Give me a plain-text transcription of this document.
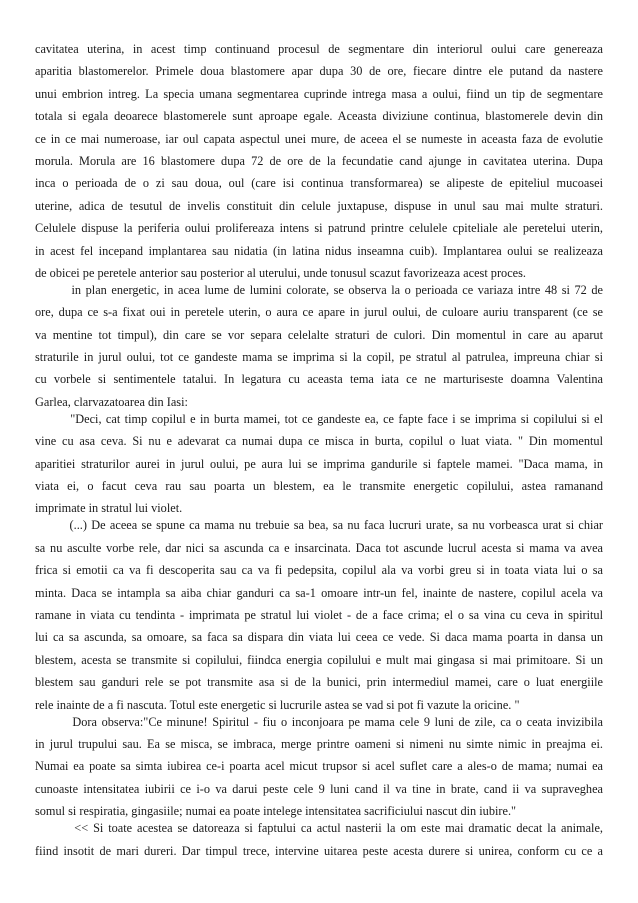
cavitatea uterina, in acest timp continuand procesul de segmentare din interiorul oului care genereaza
aparitia blastomerelor. Primele doua blastomere apar dupa 30 de ore, fiecare dintre ele putand da nastere
unui embrion intreg. La specia umana segmentarea cuprinde intrega masa a oului, fiind un tip de segmentare
totala si egala deoarece blastomerele sunt aproape egale. Aceasta diviziune continua, blastomerele devin din
ce in ce mai numeroase, iar oul capata aspectul unei mure, de aceea el se numeste in aceasta faza de evolutie
morula. Morula are 16 blastomere dupa 72 de ore de la fecundatie cand ajunge in cavitatea uterina. Dupa
inca o perioada de o zi sau doua, oul (care isi continua transformarea) se alipeste de epiteliul mucoasei
uterine, adica de tesutul de invelis constituit din celule juxtapuse, dispuse in unul sau mai multe straturi.
Celulele dispuse la periferia oului prolifereaza intens si patrund printre celulele cpiteliale ale peretelui uterin,
in acest fel incepand implantarea sau nidatia (in latina nidus inseamna cuib). Implantarea oului se realizeaza
de obicei pe peretele anterior sau posterior al uterului, unde tonusul scazut favorizeaza acest proces.
in plan energetic, in acea lume de lumini colorate, se observa la o perioada ce variaza intre 48 si 72 de
ore, dupa ce s-a fixat oui in peretele uterin, o aura ce apare in jurul oului, de culoare auriu transparent (ce se
va mentine tot timpul), din care se vor separa celelalte straturi de culori. Din momentul in care au aparut
straturile in jurul oului, tot ce gandeste mama se imprima si la copil, pe stratul al patrulea, impreuna chiar si
cu vorbele si sentimentele tatalui. In legatura cu aceasta tema iata ce ne marturiseste doamna Valentina
Garlea, clarvazatoarea din Iasi:
"Deci, cat timp copilul e in burta mamei, tot ce gandeste ea, ce fapte face i se imprima si copilului si el
vine cu asa ceva. Si nu e adevarat ca numai dupa ce misca in burta, copilul o luat viata. " Din momentul
aparitiei straturilor aurei in jurul oului, pe aura lui se imprima gandurile si faptele mamei. "Daca mama, in
viata ei, o facut ceva rau sau poarta un blestem, ea le transmite energetic copilului, astea ramanand
imprimate in stratul lui violet.
(...) De aceea se spune ca mama nu trebuie sa bea, sa nu faca lucruri urate, sa nu vorbeasca urat si chiar
sa nu asculte vorbe rele, dar nici sa ascunda ca e insarcinata. Daca tot ascunde lucrul acesta si mama va avea
frica si emotii ca va fi descoperita sau ca va fi pedepsita, copilul ala va vorbi greu si in toata viata lui o sa
minta. Daca se intampla sa aiba chiar ganduri ca sa-1 omoare intr-un fel, inainte de nastere, copilul acela va
ramane in viata cu tendinta - imprimata pe stratul lui violet - de a face crima; el o sa vina cu ceva in spiritul
lui ca sa ascunda, sa omoare, sa faca sa dispara din viata lui ceea ce vede. Si daca mama poarta in dansa un
blestem, acesta se transmite si copilului, fiindca energia copilului e mult mai gingasa si mai primitoare. Si un
blestem sau ganduri rele se pot transmite asa si de la bunici, prin intermediul mamei, care o luat energiile
rele inainte de a fi nascuta. Totul este energetic si lucrurile astea se vad si pot fi vazute la oricine. "
Dora observa:"Ce minune! Spiritul - fiu o inconjoara pe mama cele 9 luni de zile, ca o ceata invizibila
in jurul trupului sau. Ea se misca, se imbraca, merge printre oameni si nimeni nu simte nimic in preajma ei.
Numai ea poate sa simta iubirea ce-i poarta acel micut trupsor si acel suflet care a ales-o de mama; numai ea
cunoaste intensitatea iubirii ce i-o va darui peste cele 9 luni cand il va tine in brate, cand ii va supraveghea
somul si respiratia, gingasiile; numai ea poate intelege intensitatea sacrificiului nascut din iubire."
<< Si toate acestea se datoreaza si faptului ca actul nasterii la om este mai dramatic decat la animale,
fiind insotit de mari dureri. Dar timpul trece, intervine uitarea peste acesta durere si unirea, conform cu ce a
